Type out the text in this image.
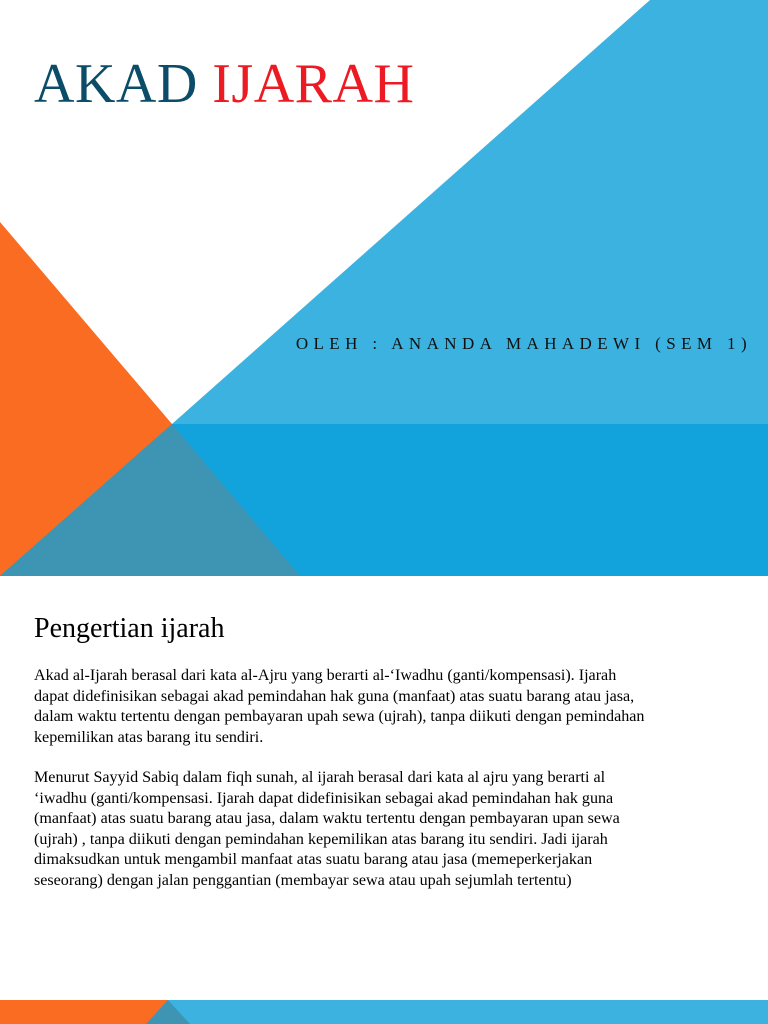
AKAD IJARAH

OLEH : ANANDA MAHADEWI (SEM 1)

Pengertian ijarah

Akad al-Ijarah berasal dari kata al-Ajru yang berarti al-‘Iwadhu (ganti/kompensasi). Ijarah dapat didefinisikan sebagai akad pemindahan hak guna (manfaat) atas suatu barang atau jasa, dalam waktu tertentu dengan pembayaran upah sewa (ujrah), tanpa diikuti dengan pemindahan kepemilikan atas barang itu sendiri.

Menurut Sayyid Sabiq dalam fiqh sunah, al ijarah berasal dari kata al ajru yang berarti al ‘iwadhu (ganti/kompensasi. Ijarah dapat didefinisikan sebagai akad pemindahan hak guna (manfaat) atas suatu barang atau jasa, dalam waktu tertentu dengan pembayaran upan sewa (ujrah) , tanpa diikuti dengan pemindahan kepemilikan atas barang itu sendiri. Jadi ijarah dimaksudkan untuk mengambil manfaat atas suatu barang atau jasa (memeperkerjakan seseorang) dengan jalan penggantian (membayar sewa atau upah sejumlah tertentu)
